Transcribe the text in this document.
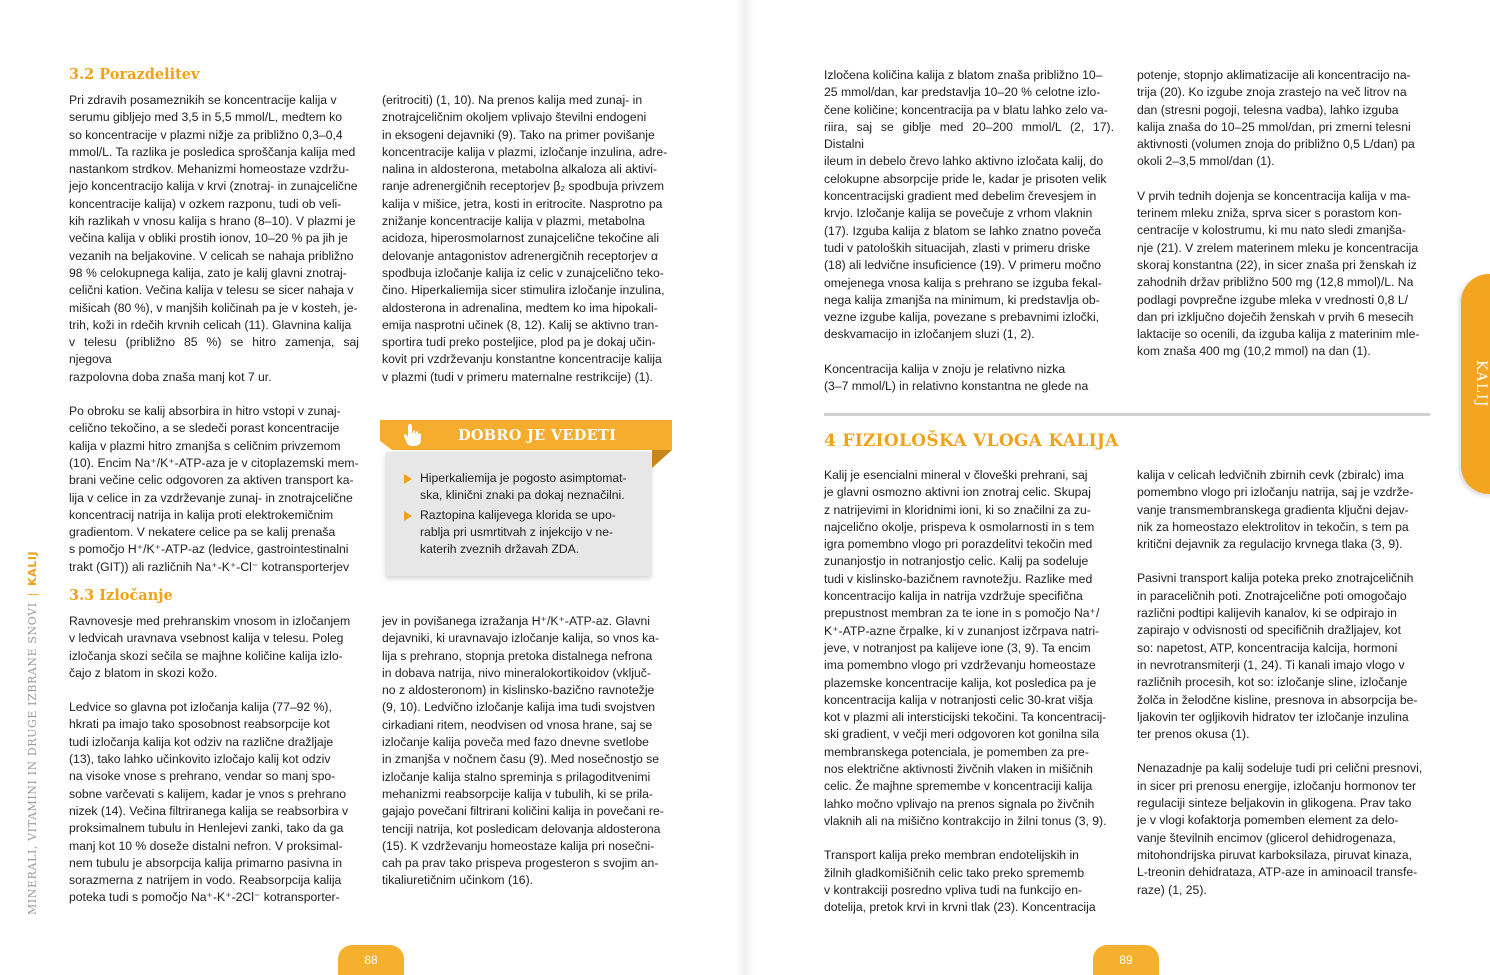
MINERALI, VITAMINI IN DRUGE IZBRANE SNOVI|KALIJ
3.2 Porazdelitev

Pri zdravih posameznikih se koncentracije kalija v
serumu gibljejo med 3,5 in 5,5 mmol/L, medtem ko
so koncentracije v plazmi nižje za približno 0,3–0,4
mmol/L. Ta razlika je posledica sproščanja kalija med
nastankom strdkov. Mehanizmi homeostaze vzdržu-
jejo koncentracijo kalija v krvi (znotraj- in zunajcelične
koncentracije kalija) v ozkem razponu, tudi ob veli-
kih razlikah v vnosu kalija s hrano (8–10). V plazmi je
večina kalija v obliki prostih ionov, 10–20 % pa jih je
vezanih na beljakovine. V celicah se nahaja približno
98 % celokupnega kalija, zato je kalij glavni znotraj-
celični kation. Večina kalija v telesu se sicer nahaja v
mišicah (80 %), v manjših količinah pa je v kosteh, je-
trih, koži in rdečih krvnih celicah (11). Glavnina kalija
v telesu (približno 85 %) se hitro zamenja, saj njegova
razpolovna doba znaša manj kot 7 ur.

Po obroku se kalij absorbira in hitro vstopi v zunaj-
celično tekočino, a se sledeči porast koncentracije
kalija v plazmi hitro zmanjša s celičnim privzemom
(10). Encim Na⁺/K⁺-ATP-aza je v citoplazemski mem-
brani večine celic odgovoren za aktiven transport ka-
lija v celice in za vzdrževanje zunaj- in znotrajcelične
koncentracij natrija in kalija proti elektrokemičnim
gradientom. V nekatere celice pa se kalij prenaša
s pomočjo H⁺/K⁺-ATP-az (ledvice, gastrointestinalni
trakt (GIT)) ali različnih Na⁺-K⁺-Cl⁻ kotransporterjev

(eritrociti) (1, 10). Na prenos kalija med zunaj- in
znotrajceličnim okoljem vplivajo številni endogeni
in eksogeni dejavniki (9). Tako na primer povišanje
koncentracije kalija v plazmi, izločanje inzulina, adre-
nalina in aldosterona, metabolna alkaloza ali aktivi-
ranje adrenergičnih receptorjev β₂ spodbuja privzem
kalija v mišice, jetra, kosti in eritrocite. Nasprotno pa
znižanje koncentracije kalija v plazmi, metabolna
acidoza, hiperosmolarnost zunajcelične tekočine ali
delovanje antagonistov adrenergičnih receptorjev α
spodbuja izločanje kalija iz celic v zunajcelično teko-
čino. Hiperkaliemija sicer stimulira izločanje inzulina,
aldosterona in adrenalina, medtem ko ima hipokali-
emija nasprotni učinek (8, 12). Kalij se aktivno tran-
sportira tudi preko posteljice, plod pa je dokaj učin-
kovit pri vzdrževanju konstantne koncentracije kalija
v plazmi (tudi v primeru maternalne restrikcije) (1).

DOBRO JE VEDETI
Hiperkaliemija je pogosto asimptomat-
ska, klinični znaki pa dokaj neznačilni.
Raztopina kalijevega klorida se upo-
rablja pri usmrtitvah z injekcijo v ne-
katerih zveznih državah ZDA.
3.3 Izločanje

Ravnovesje med prehranskim vnosom in izločanjem
v ledvicah uravnava vsebnost kalija v telesu. Poleg
izločanja skozi sečila se majhne količine kalija izlo-
čajo z blatom in skozi kožo.

Ledvice so glavna pot izločanja kalija (77–92 %),
hkrati pa imajo tako sposobnost reabsorpcije kot
tudi izločanja kalija kot odziv na različne dražljaje
(13), tako lahko učinkovito izločajo kalij kot odziv
na visoke vnose s prehrano, vendar so manj spo-
sobne varčevati s kalijem, kadar je vnos s prehrano
nizek (14). Večina filtriranega kalija se reabsorbira v
proksimalnem tubulu in Henlejevi zanki, tako da ga
manj kot 10 % doseže distalni nefron. V proksimal-
nem tubulu je absorpcija kalija primarno pasivna in
sorazmerna z natrijem in vodo. Reabsorpcija kalija
poteka tudi s pomočjo Na⁺-K⁺-2Cl⁻ kotransporter-

jev in povišanega izražanja H⁺/K⁺-ATP-az. Glavni
dejavniki, ki uravnavajo izločanje kalija, so vnos ka-
lija s prehrano, stopnja pretoka distalnega nefrona
in dobava natrija, nivo mineralokortikoidov (vključ-
no z aldosteronom) in kislinsko-bazično ravnotežje
(9, 10). Ledvično izločanje kalija ima tudi svojstven
cirkadiani ritem, neodvisen od vnosa hrane, saj se
izločanje kalija poveča med fazo dnevne svetlobe
in zmanjša v nočnem času (9). Med nosečnostjo se
izločanje kalija stalno spreminja s prilagoditvenimi
mehanizmi reabsorpcije kalija v tubulih, ki se prila-
gajajo povečani filtrirani količini kalija in povečani re-
tenciji natrija, kot posledicam delovanja aldosterona
(15). K vzdrževanju homeostaze kalija pri nosečni-
cah pa prav tako prispeva progesteron s svojim an-
tikaliuretičnim učinkom (16).

88

Izločena količina kalija z blatom znaša približno 10–
25 mmol/dan, kar predstavlja 10–20 % celotne izlo-
čene količine; koncentracija pa v blatu lahko zelo va-
riira, saj se giblje med 20–200 mmol/L (2, 17). Distalni
ileum in debelo črevo lahko aktivno izločata kalij, do
celokupne absorpcije pride le, kadar je prisoten velik
koncentracijski gradient med debelim črevesjem in
krvjo. Izločanje kalija se povečuje z vrhom vlaknin
(17). Izguba kalija z blatom se lahko znatno poveča
tudi v patoloških situacijah, zlasti v primeru driske
(18) ali ledvične insuficience (19). V primeru močno
omejenega vnosa kalija s prehrano se izguba fekal-
nega kalija zmanjša na minimum, ki predstavlja ob-
vezne izgube kalija, povezane s prebavnimi izločki,
deskvamacijo in izločanjem sluzi (1, 2).

Koncentracija kalija v znoju je relativno nizka
(3–7 mmol/L) in relativno konstantna ne glede na

potenje, stopnjo aklimatizacije ali koncentracijo na-
trija (20). Ko izgube znoja zrastejo na več litrov na
dan (stresni pogoji, telesna vadba), lahko izguba
kalija znaša do 10–25 mmol/dan, pri zmerni telesni
aktivnosti (volumen znoja do približno 0,5 L/dan) pa
okoli 2–3,5 mmol/dan (1).

V prvih tednih dojenja se koncentracija kalija v ma-
terinem mleku zniža, sprva sicer s porastom kon-
centracije v kolostrumu, ki mu nato sledi zmanjša-
nje (21). V zrelem materinem mleku je koncentracija
skoraj konstantna (22), in sicer znaša pri ženskah iz
zahodnih držav približno 500 mg (12,8 mmol)/L. Na
podlagi povprečne izgube mleka v vrednosti 0,8 L/
dan pri izključno doječih ženskah v prvih 6 mesecih
laktacije so ocenili, da izguba kalija z materinim mle-
kom znaša 400 mg (10,2 mmol) na dan (1).

4 FIZIOLOŠKA VLOGA KALIJA

Kalij je esencialni mineral v človeški prehrani, saj
je glavni osmozno aktivni ion znotraj celic. Skupaj
z natrijevimi in kloridnimi ioni, ki so značilni za zu-
najcelično okolje, prispeva k osmolarnosti in s tem
igra pomembno vlogo pri porazdelitvi tekočin med
zunanjostjo in notranjostjo celic. Kalij pa sodeluje
tudi v kislinsko-bazičnem ravnotežju. Razlike med
koncentracijo kalija in natrija vzdržuje specifična
prepustnost membran za te ione in s pomočjo Na⁺/
K⁺-ATP-azne črpalke, ki v zunanjost izčrpava natri-
jeve, v notranjost pa kalijeve ione (3, 9). Ta encim
ima pomembno vlogo pri vzdrževanju homeostaze
plazemske koncentracije kalija, kot posledica pa je
koncentracija kalija v notranjosti celic 30-krat višja
kot v plazmi ali intersticijski tekočini. Ta koncentracij-
ski gradient, v večji meri odgovoren kot gonilna sila
membranskega potenciala, je pomemben za pre-
nos električne aktivnosti živčnih vlaken in mišičnih
celic. Že majhne spremembe v koncentraciji kalija
lahko močno vplivajo na prenos signala po živčnih
vlaknih ali na mišično kontrakcijo in žilni tonus (3, 9).

Transport kalija preko membran endotelijskih in
žilnih gladkomišičnih celic tako preko sprememb
v kontrakciji posredno vpliva tudi na funkcijo en-
dotelija, pretok krvi in krvni tlak (23). Koncentracija

kalija v celicah ledvičnih zbirnih cevk (zbiralc) ima
pomembno vlogo pri izločanju natrija, saj je vzdrže-
vanje transmembranskega gradienta ključni dejav-
nik za homeostazo elektrolitov in tekočin, s tem pa
kritični dejavnik za regulacijo krvnega tlaka (3, 9).

Pasivni transport kalija poteka preko znotrajceličnih
in paraceličnih poti. Znotrajcelične poti omogočajo
različni podtipi kalijevih kanalov, ki se odpirajo in
zapirajo v odvisnosti od specifičnih dražljajev, kot
so: napetost, ATP, koncentracija kalcija, hormoni
in nevrotransmiterji (1, 24). Ti kanali imajo vlogo v
različnih procesih, kot so: izločanje sline, izločanje
žolča in želodčne kisline, presnova in absorpcija be-
ljakovin ter ogljikovih hidratov ter izločanje inzulina
ter prenos okusa (1).

Nenazadnje pa kalij sodeluje tudi pri celični presnovi,
in sicer pri prenosu energije, izločanju hormonov ter
regulaciji sinteze beljakovin in glikogena. Prav tako
je v vlogi kofaktorja pomemben element za delo-
vanje številnih encimov (glicerol dehidrogenaza,
mitohondrijska piruvat karboksilaza, piruvat kinaza,
L-treonin dehidrataza, ATP-aze in aminoacil transfe-
raze) (1, 25).

KALIJ
89
